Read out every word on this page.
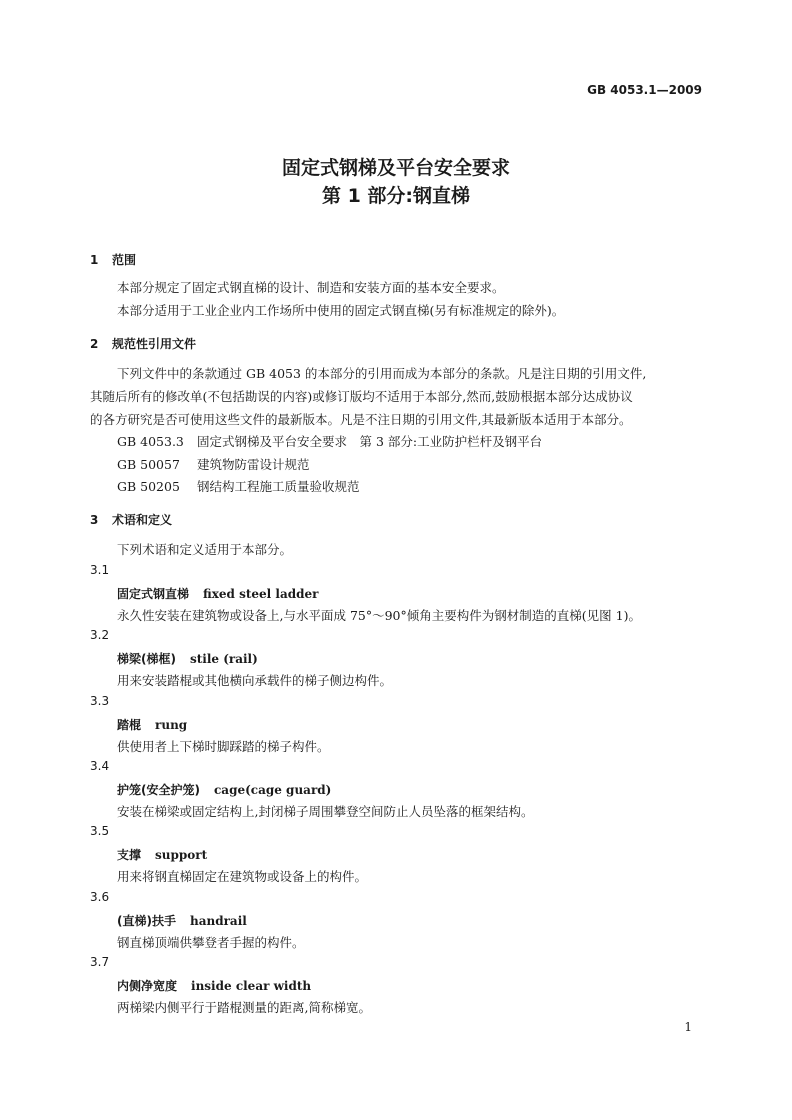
GB 4053.1—2009
固定式钢梯及平台安全要求
第 1 部分:钢直梯
1 范围
本部分规定了固定式钢直梯的设计、制造和安装方面的基本安全要求。
本部分适用于工业企业内工作场所中使用的固定式钢直梯(另有标准规定的除外)。
2 规范性引用文件
下列文件中的条款通过 GB 4053 的本部分的引用而成为本部分的条款。凡是注日期的引用文件,
其随后所有的修改单(不包括勘误的内容)或修订版均不适用于本部分,然而,鼓励根据本部分达成协议
的各方研究是否可使用这些文件的最新版本。凡是不注日期的引用文件,其最新版本适用于本部分。
GB 4053.3 固定式钢梯及平台安全要求　第 3 部分:工业防护栏杆及钢平台
GB 50057 建筑物防雷设计规范
GB 50205 钢结构工程施工质量验收规范
3 术语和定义
下列术语和定义适用于本部分。
3.1
固定式钢直梯 fixed steel ladder
永久性安装在建筑物或设备上,与水平面成 75°～90°倾角主要构件为钢材制造的直梯(见图 1)。
3.2
梯梁(梯框) stile (rail)
用来安装踏棍或其他横向承载件的梯子侧边构件。
3.3
踏棍 rung
供使用者上下梯时脚踩踏的梯子构件。
3.4
护笼(安全护笼) cage(cage guard)
安装在梯梁或固定结构上,封闭梯子周围攀登空间防止人员坠落的框架结构。
3.5
支撑 support
用来将钢直梯固定在建筑物或设备上的构件。
3.6
(直梯)扶手 handrail
钢直梯顶端供攀登者手握的构件。
3.7
内侧净宽度 inside clear width
两梯梁内侧平行于踏棍测量的距离,简称梯宽。
1
